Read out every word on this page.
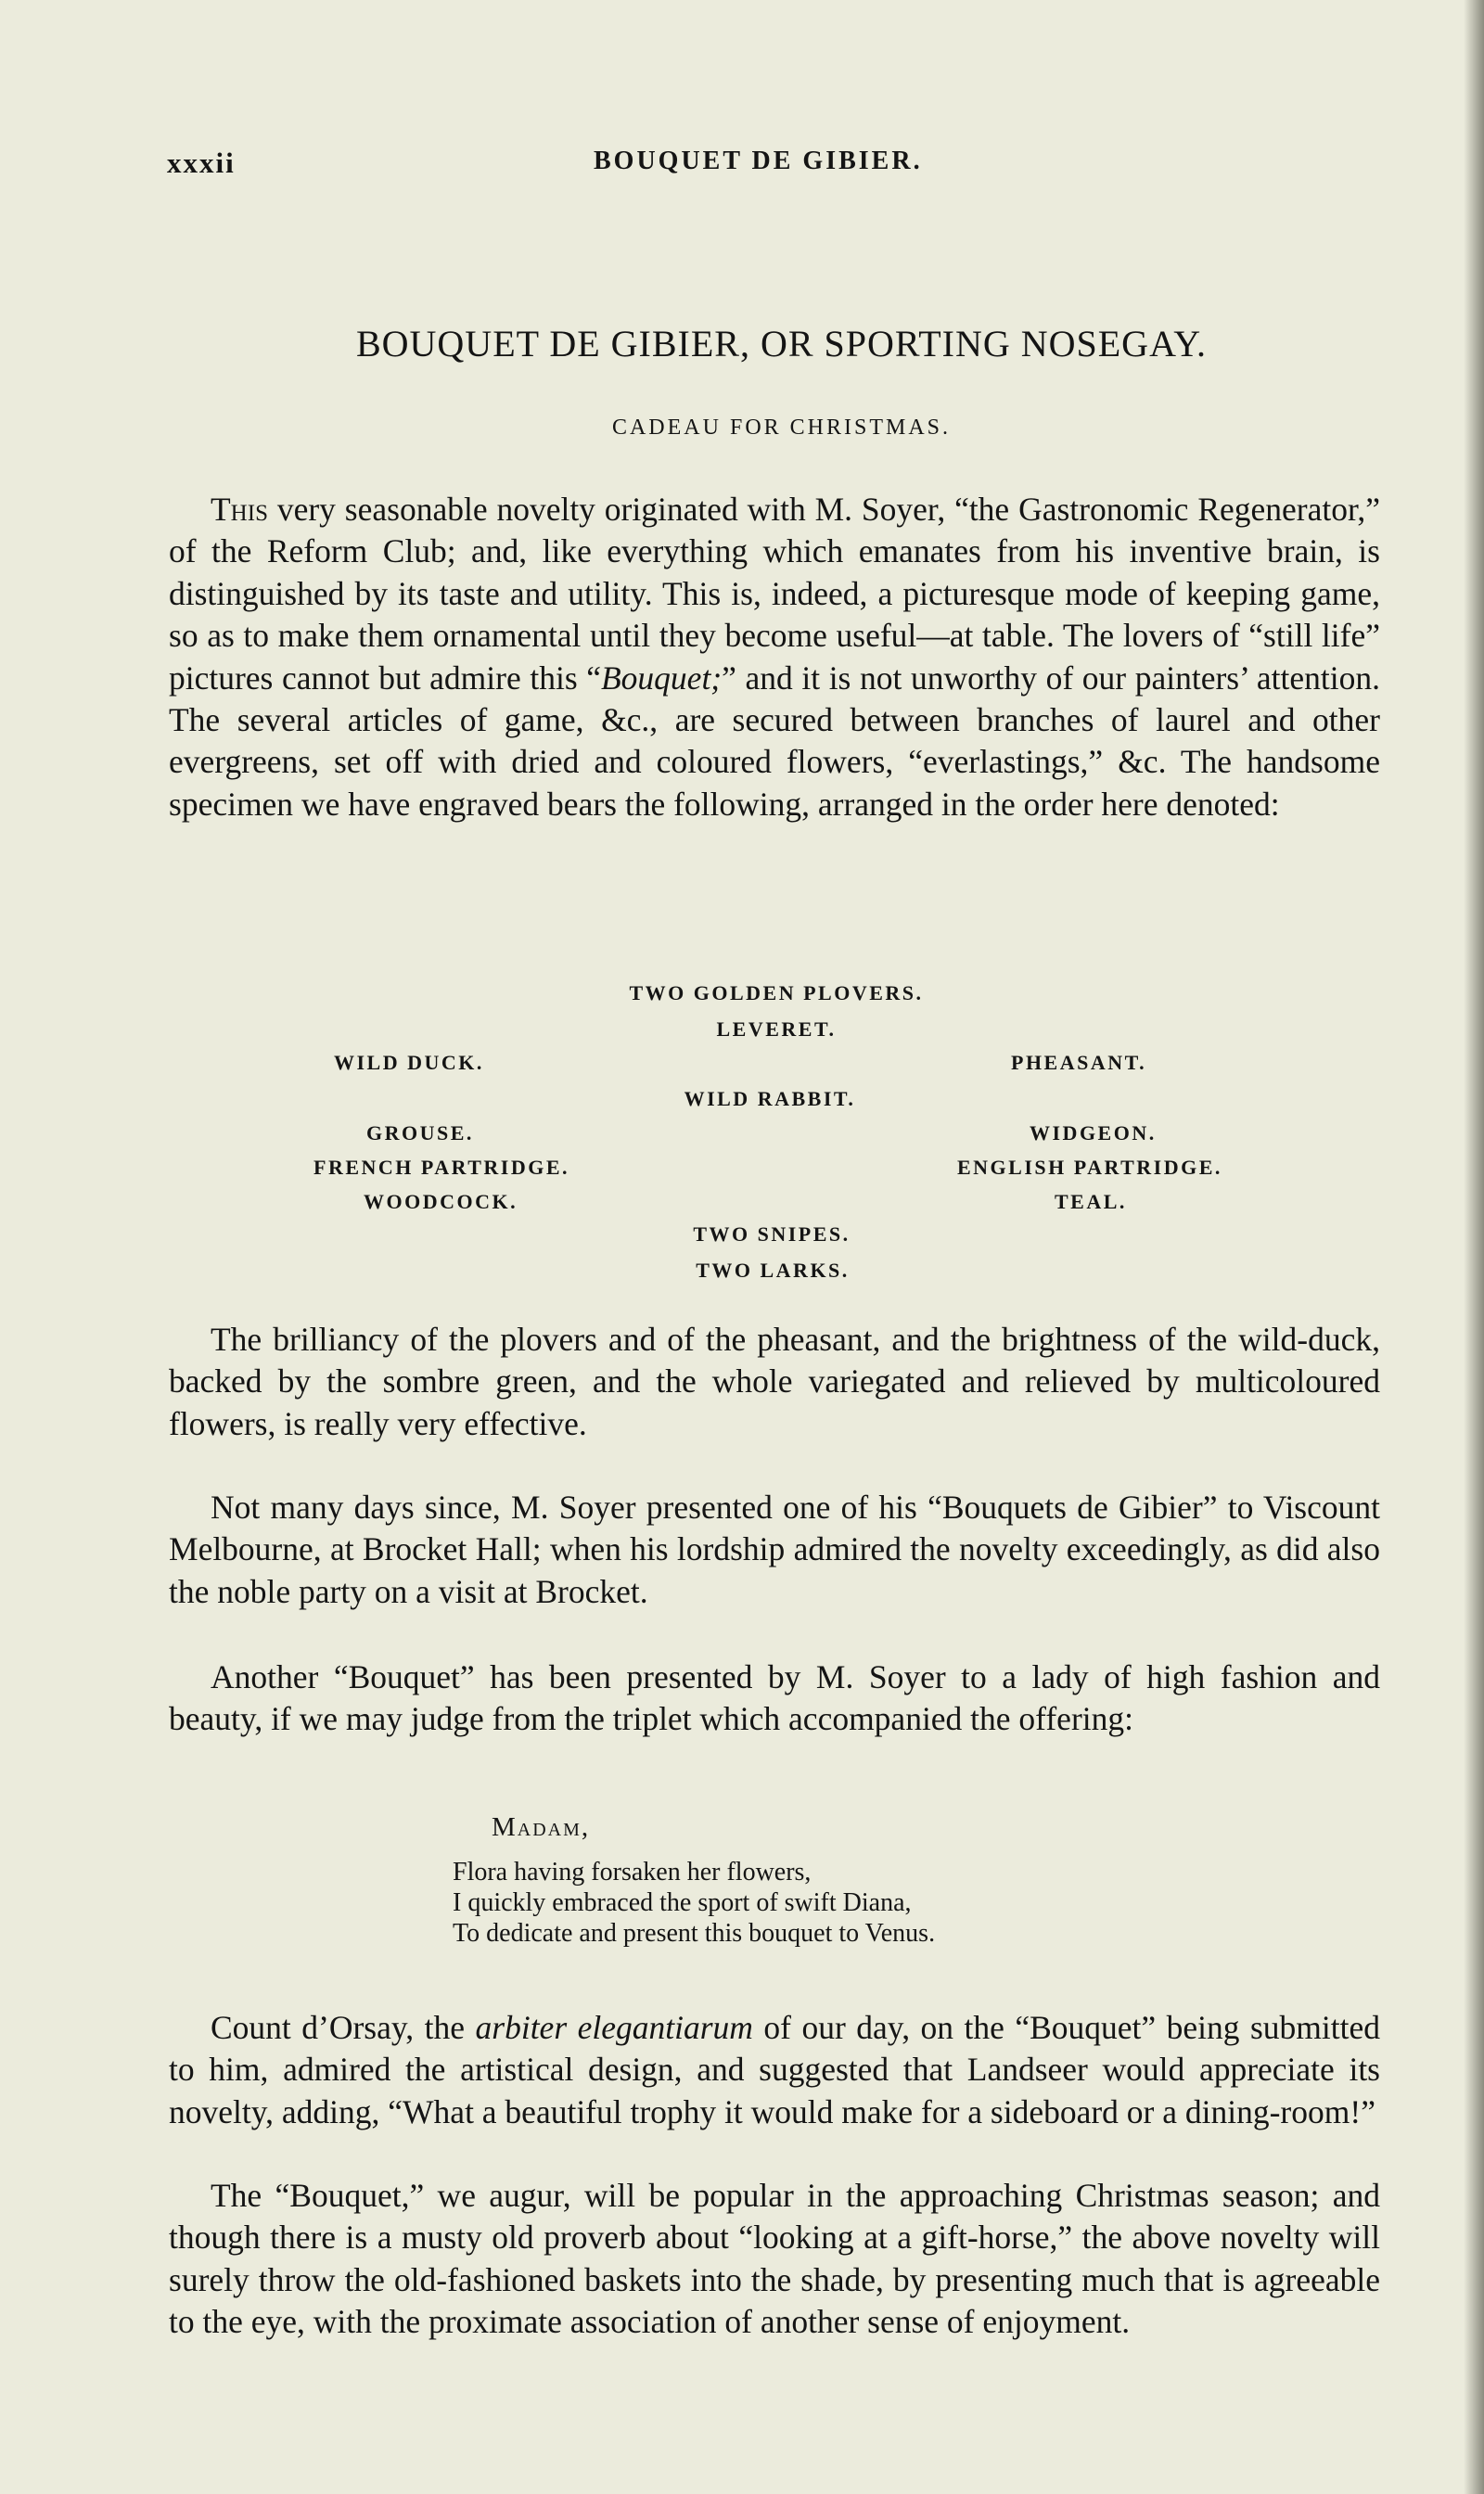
xxxii	BOUQUET DE GIBIER.
BOUQUET DE GIBIER, OR SPORTING NOSEGAY.
CADEAU FOR CHRISTMAS.

This very seasonable novelty originated with M. Soyer, “the Gastronomic Regenerator,” of the Reform Club; and, like everything which emanates from his inventive brain, is distinguished by its taste and utility. This is, indeed, a picturesque mode of keeping game, so as to make them ornamental until they become useful—at table. The lovers of “still life” pictures cannot but admire this “Bouquet;” and it is not unworthy of our painters’ attention. The several articles of game, &c., are secured between branches of laurel and other evergreens, set off with dried and coloured flowers, “everlastings,” &c. The handsome specimen we have engraved bears the following, arranged in the order here denoted:

TWO GOLDEN PLOVERS.
LEVERET.
WILD DUCK.	PHEASANT.
WILD RABBIT.
GROUSE.	WIDGEON.
FRENCH PARTRIDGE.	ENGLISH PARTRIDGE.
WOODCOCK.	TEAL.
TWO SNIPES.
TWO LARKS.

The brilliancy of the plovers and of the pheasant, and the brightness of the wild-duck, backed by the sombre green, and the whole variegated and relieved by multicoloured flowers, is really very effective.

Not many days since, M. Soyer presented one of his “Bouquets de Gibier” to Viscount Melbourne, at Brocket Hall; when his lordship admired the novelty exceedingly, as did also the noble party on a visit at Brocket.

Another “Bouquet” has been presented by M. Soyer to a lady of high fashion and beauty, if we may judge from the triplet which accompanied the offering:

Madam,
Flora having forsaken her flowers,
I quickly embraced the sport of swift Diana,
To dedicate and present this bouquet to Venus.

Count d’Orsay, the arbiter elegantiarum of our day, on the “Bouquet” being submitted to him, admired the artistical design, and suggested that Landseer would appreciate its novelty, adding, “What a beautiful trophy it would make for a sideboard or a dining-room!”

The “Bouquet,” we augur, will be popular in the approaching Christmas season; and though there is a musty old proverb about “looking at a gift-horse,” the above novelty will surely throw the old-fashioned baskets into the shade, by presenting much that is agreeable to the eye, with the proximate association of another sense of enjoyment.
